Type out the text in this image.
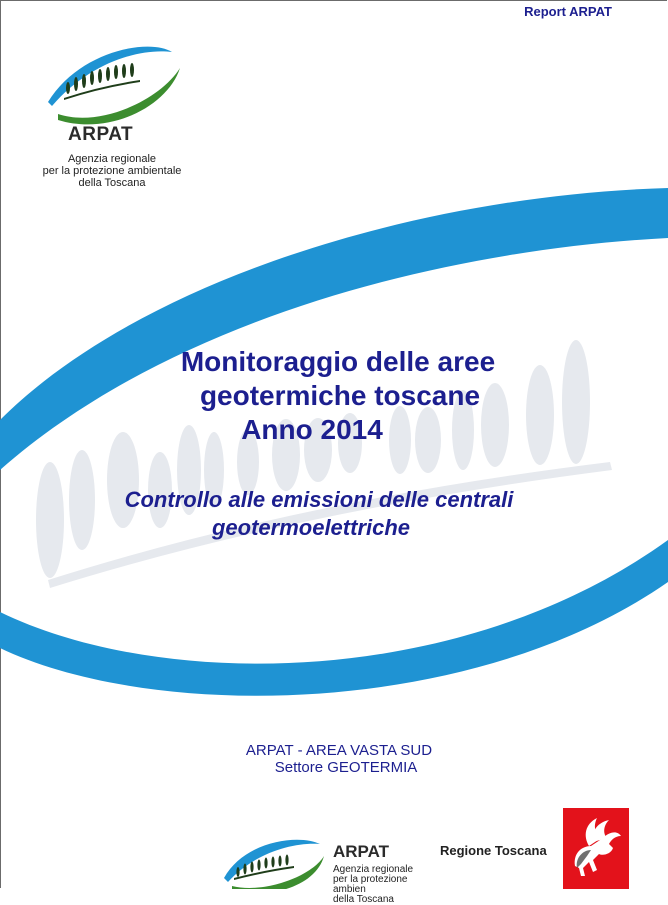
Report ARPAT
ARPAT
Agenzia regionale
per la protezione ambientale
della Toscana
Monitoraggio delle aree
geotermiche toscane
Anno 2014
Controllo alle emissioni delle centrali
geotermoelettriche
ARPAT - AREA VASTA SUD
Settore GEOTERMIA
ARPAT
Agenzia regionale
per la protezione ambien
della Toscana
Regione Toscana
